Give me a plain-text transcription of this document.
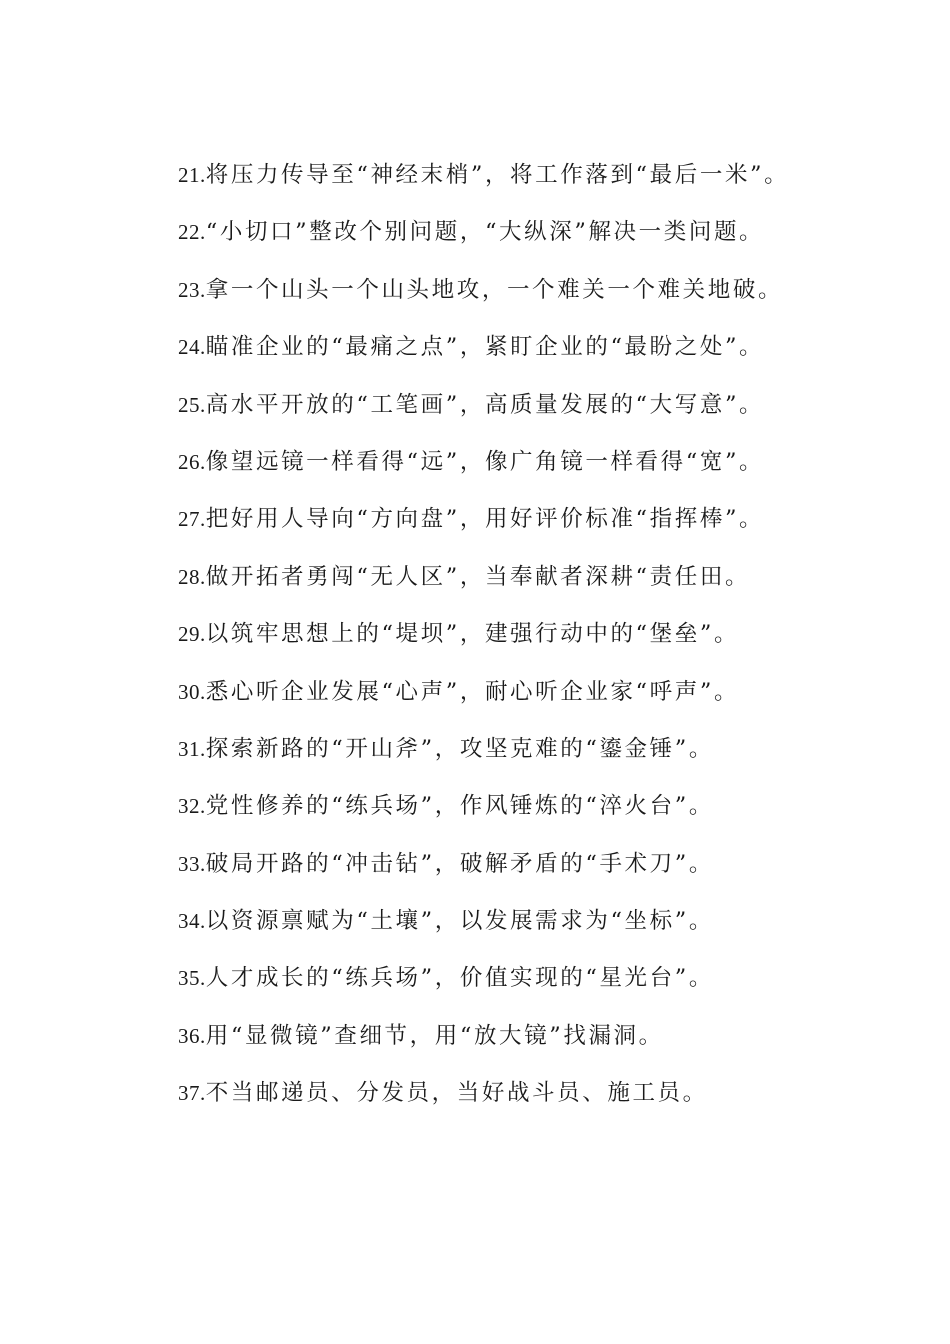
21. 将压力传导至“神经末梢”，将工作落到“最后一米”。
22. “小切口”整改个别问题，“大纵深”解决一类问题。
23. 拿一个山头一个山头地攻，一个难关一个难关地破。
24. 瞄准企业的“最痛之点”，紧盯企业的“最盼之处”。
25. 高水平开放的“工笔画”，高质量发展的“大写意”。
26. 像望远镜一样看得“远”，像广角镜一样看得“宽”。
27. 把好用人导向“方向盘”，用好评价标准“指挥棒”。
28. 做开拓者勇闯“无人区”，当奉献者深耕“责任田。
29. 以筑牢思想上的“堤坝”，建强行动中的“堡垒”。
30. 悉心听企业发展“心声”，耐心听企业家“呼声”。
31. 探索新路的“开山斧”，攻坚克难的“鎏金锤”。
32. 党性修养的“练兵场”，作风锤炼的“淬火台”。
33. 破局开路的“冲击钻”，破解矛盾的“手术刀”。
34. 以资源禀赋为“土壤”，以发展需求为“坐标”。
35. 人才成长的“练兵场”，价值实现的“星光台”。
36. 用“显微镜”查细节，用“放大镜”找漏洞。
37. 不当邮递员、分发员，当好战斗员、施工员。
